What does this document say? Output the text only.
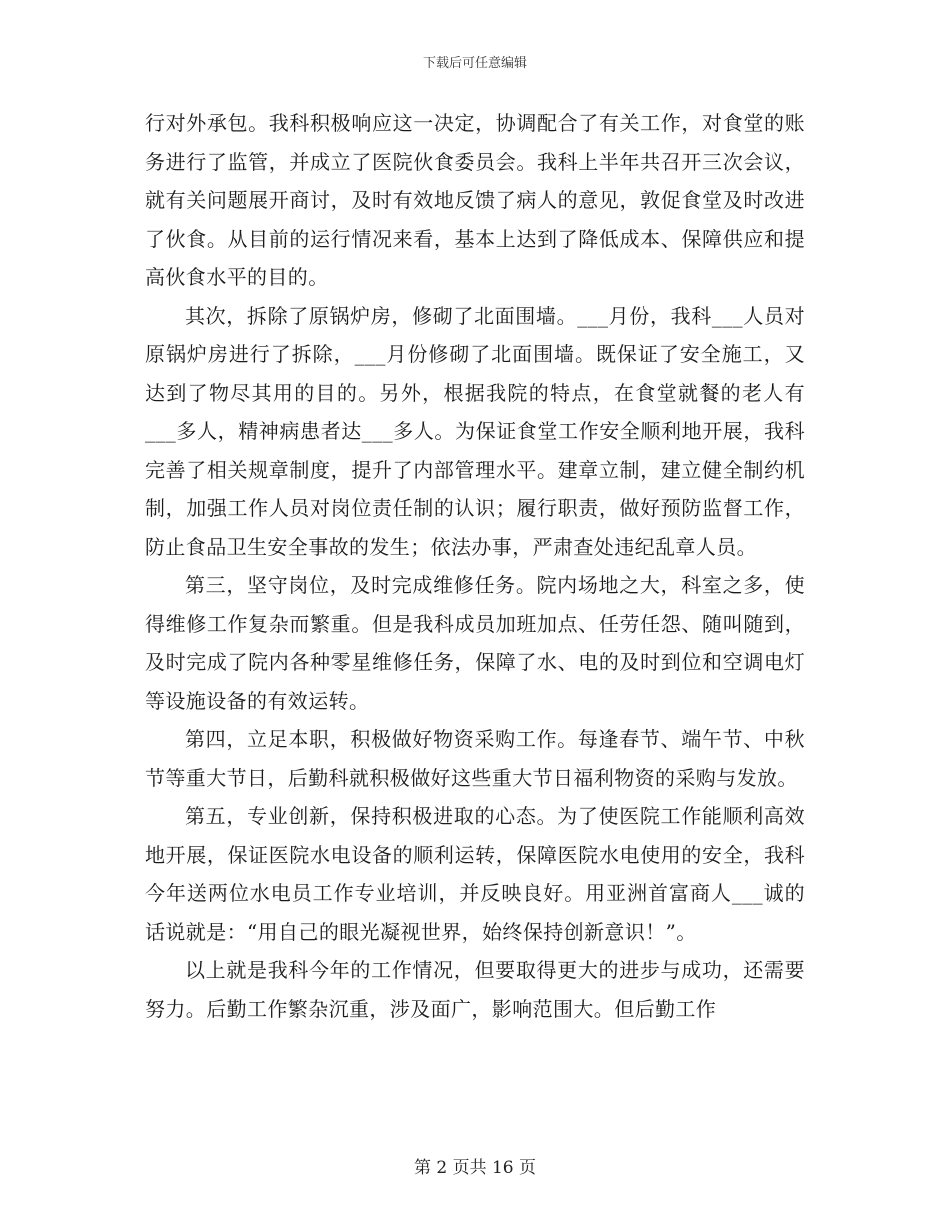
下载后可任意编辑

行对外承包。我科积极响应这一决定，协调配合了有关工作，对食堂的账务进行了监管，并成立了医院伙食委员会。我科上半年共召开三次会议，就有关问题展开商讨，及时有效地反馈了病人的意见，敦促食堂及时改进了伙食。从目前的运行情况来看，基本上达到了降低成本、保障供应和提高伙食水平的目的。

其次，拆除了原锅炉房，修砌了北面围墙。___月份，我科___人员对原锅炉房进行了拆除，___月份修砌了北面围墙。既保证了安全施工，又达到了物尽其用的目的。另外，根据我院的特点，在食堂就餐的老人有___多人，精神病患者达___多人。为保证食堂工作安全顺利地开展，我科完善了相关规章制度，提升了内部管理水平。建章立制，建立健全制约机制，加强工作人员对岗位责任制的认识；履行职责，做好预防监督工作，防止食品卫生安全事故的发生；依法办事，严肃查处违纪乱章人员。

第三，坚守岗位，及时完成维修任务。院内场地之大，科室之多，使得维修工作复杂而繁重。但是我科成员加班加点、任劳任怨、随叫随到，及时完成了院内各种零星维修任务，保障了水、电的及时到位和空调电灯等设施设备的有效运转。

第四，立足本职，积极做好物资采购工作。每逢春节、端午节、中秋节等重大节日，后勤科就积极做好这些重大节日福利物资的采购与发放。

第五，专业创新，保持积极进取的心态。为了使医院工作能顺利高效地开展，保证医院水电设备的顺利运转，保障医院水电使用的安全，我科今年送两位水电员工作专业培训，并反映良好。用亚洲首富商人___诚的话说就是：“用自己的眼光凝视世界，始终保持创新意识！”。

以上就是我科今年的工作情况，但要取得更大的进步与成功，还需要努力。后勤工作繁杂沉重，涉及面广，影响范围大。但后勤工作

第 2 页共 16 页
